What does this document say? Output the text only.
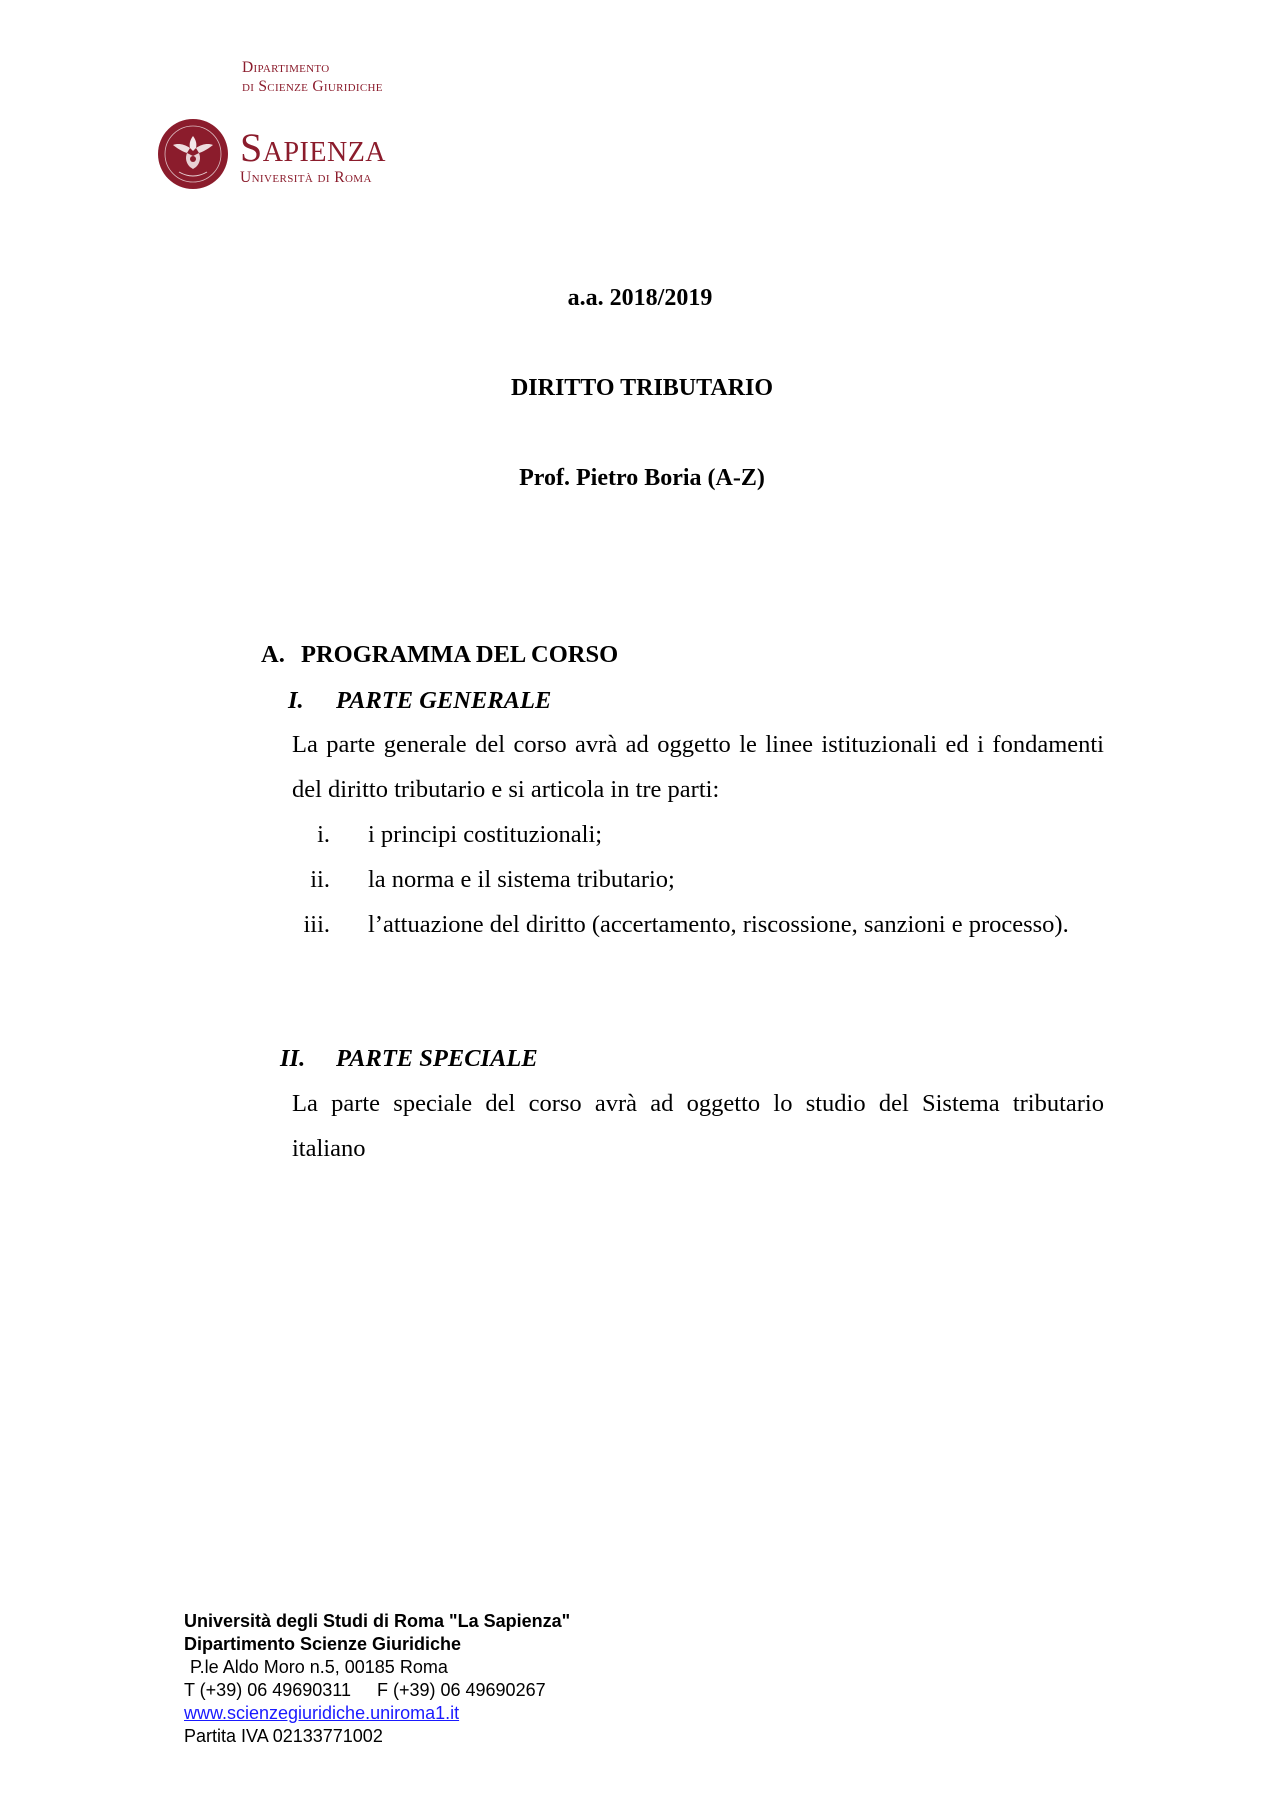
Dipartimento
di Scienze Giuridiche
Sapienza
Università di Roma
a.a. 2018/2019
DIRITTO TRIBUTARIO
Prof. Pietro Boria (A-Z)
A. PROGRAMMA DEL CORSO
I.	PARTE GENERALE
La parte generale del corso avrà ad oggetto le linee istituzionali ed i fondamenti del diritto tributario e si articola in tre parti:
i. i principi costituzionali;
ii. la norma e il sistema tributario;
iii. l’attuazione del diritto (accertamento, riscossione, sanzioni e processo).
II.	PARTE SPECIALE
La parte speciale del corso avrà ad oggetto lo studio del Sistema tributario
italiano
Università degli Studi di Roma "La Sapienza"
Dipartimento Scienze Giuridiche
P.le Aldo Moro n.5, 00185 Roma
T (+39) 06 49690311 F (+39) 06 49690267
www.scienzegiuridiche.uniroma1.it
Partita IVA 02133771002
